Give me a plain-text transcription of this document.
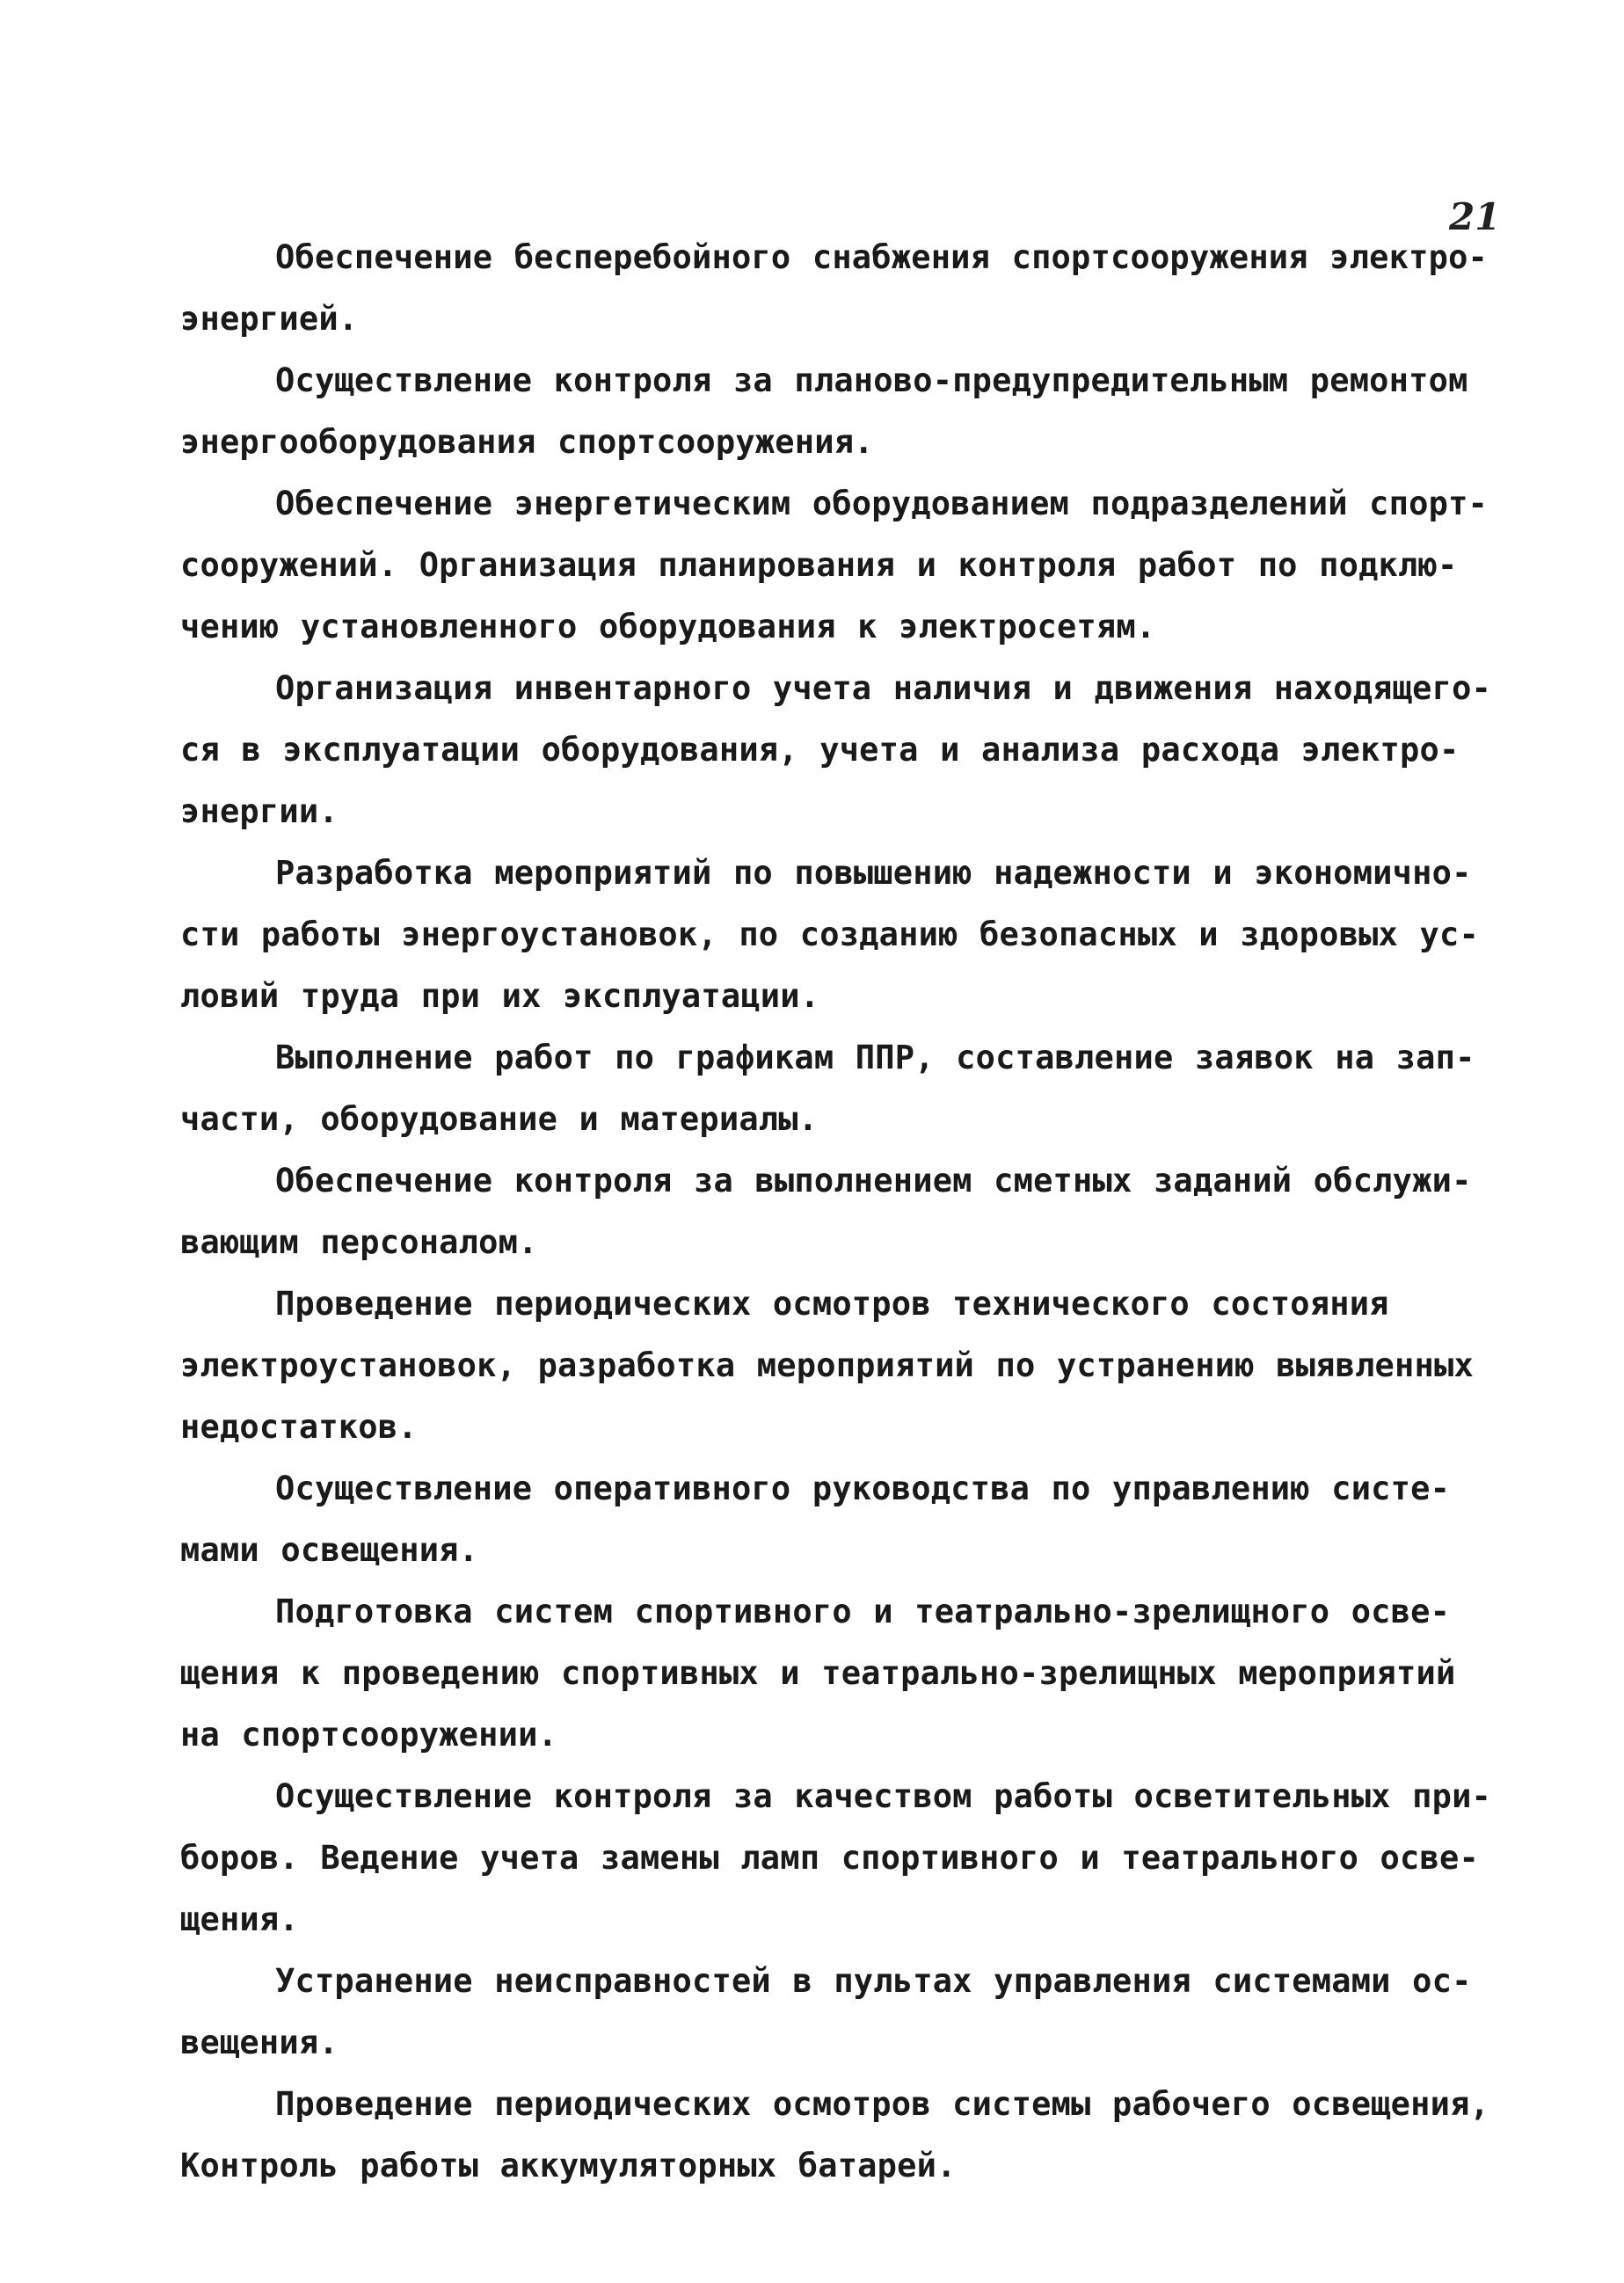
21
Обеспечение бесперебойного снабжения спортсооружения электро-
энергией.
Осуществление контроля за планово-предупредительным ремонтом
энергооборудования спортсооружения.
Обеспечение энергетическим оборудованием подразделений спорт-
сооружений. Организация планирования и контроля работ по подклю-
чению установленного оборудования к электросетям.
Организация инвентарного учета наличия и движения находящего-
ся в эксплуатации оборудования, учета и анализа расхода электро-
энергии.
Разработка мероприятий по повышению надежности и экономично-
сти работы энергоустановок, по созданию безопасных и здоровых ус-
ловий труда при их эксплуатации.
Выполнение работ по графикам ППР, составление заявок на зап-
части, оборудование и материалы.
Обеспечение контроля за выполнением сметных заданий обслужи-
вающим персоналом.
Проведение периодических осмотров технического состояния
электроустановок, разработка мероприятий по устранению выявленных
недостатков.
Осуществление оперативного руководства по управлению систе-
мами освещения.
Подготовка систем спортивного и театрально-зрелищного осве-
щения к проведению спортивных и театрально-зрелищных мероприятий
на спортсооружении.
Осуществление контроля за качеством работы осветительных при-
боров. Ведение учета замены ламп спортивного и театрального осве-
щения.
Устранение неисправностей в пультах управления системами ос-
вещения.
Проведение периодических осмотров системы рабочего освещения,
Контроль работы аккумуляторных батарей.
